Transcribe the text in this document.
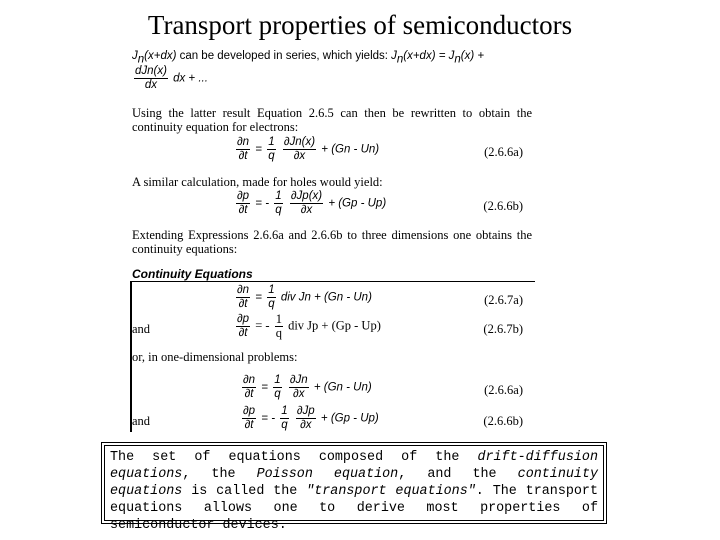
Transport properties of semiconductors
$J_n(x+dx)$ can be developed in series, which yields: $J_n(x+dx) = J_n(x)$ +
$\frac{\text{dJn(x)}}{dx}$ dx + ...
Using the latter result Equation 2.6.5 can then be rewritten to obtain the continuity equation for electrons:
$\frac{\partial n}{\partial t} = \frac{1}{q}$
$\frac{\partial Jn(x)}{\partial x} + (Gn - Un)$	(2.6.6a)
A similar calculation, made for holes would yield:
$\frac{\partial p}{\partial t}$ = - $\frac{1}{q}$
$\frac{\partial Jp(x)}{\partial x} + (Gp - Up)$	(2.6.6b)
Extending Expressions 2.6.6a and 2.6.6b to three dimensions one obtains the continuity equations:
Continuity Equations
$\frac{\partial n}{\partial t} = \frac{1}{q}$ div Jn + (Gn - Un)	(2.6.7a)
and	$\frac{\partial p}{\partial t}$ = - $\frac{1}{q}$ div Jp + (Gp - Up)	(2.6.7b)
or, in one-dimensional problems:
$\frac{\partial n}{\partial t} = \frac{1}{q}$
$\frac{\partial Jn}{\partial x} + (Gn - Un)$	(2.6.6a)
and	$\frac{\partial p}{\partial t}$ = - $\frac{1}{q}$
$\frac{\partial Jp}{\partial x} + (Gp - Up)$	(2.6.6b)
The set of equations composed of the drift-diffusion equations, the Poisson equation, and the continuity equations is called the "transport equations". The transport equations allows one to derive most properties of semiconductor devices.
